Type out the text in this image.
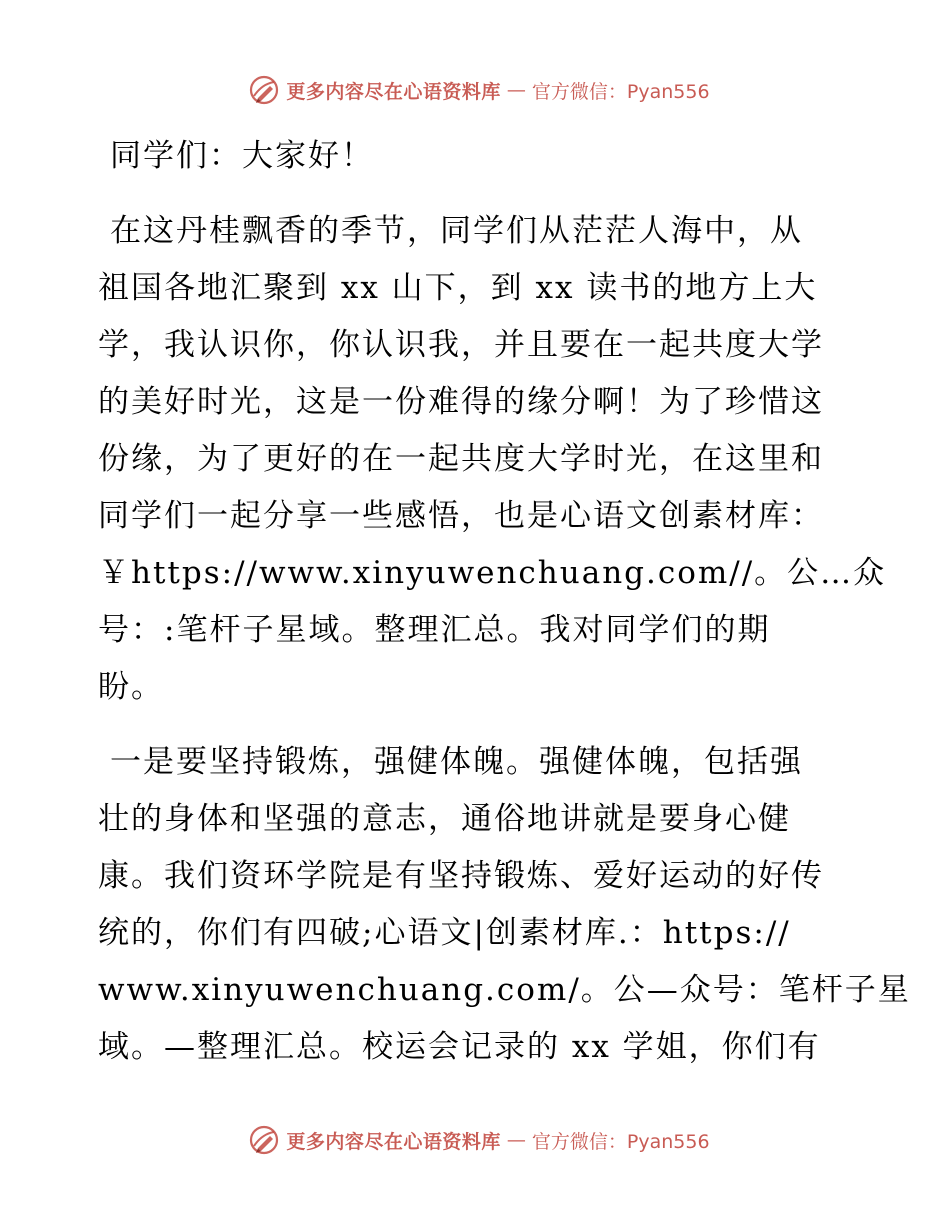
更多内容尽在心语资料库 — 官方微信：Pyan556
同学们：大家好！
在这丹桂飘香的季节，同学们从茫茫人海中，从
祖国各地汇聚到 xx 山下，到 xx 读书的地方上大
学，我认识你，你认识我，并且要在一起共度大学
的美好时光，这是一份难得的缘分啊！为了珍惜这
份缘，为了更好的在一起共度大学时光，在这里和
同学们一起分享一些感悟，也是心语文创素材库：
￥https://www.xinyuwenchuang.com//。公…众
号：:笔杆子星域。整理汇总。我对同学们的期
盼。
一是要坚持锻炼，强健体魄。强健体魄，包括强
壮的身体和坚强的意志，通俗地讲就是要身心健
康。我们资环学院是有坚持锻炼、爱好运动的好传
统的，你们有四破;心语文|创素材库.：https://
www.xinyuwenchuang.com/。公—众号：笔杆子星
域。—整理汇总。校运会记录的 xx 学姐，你们有
更多内容尽在心语资料库 — 官方微信：Pyan556
